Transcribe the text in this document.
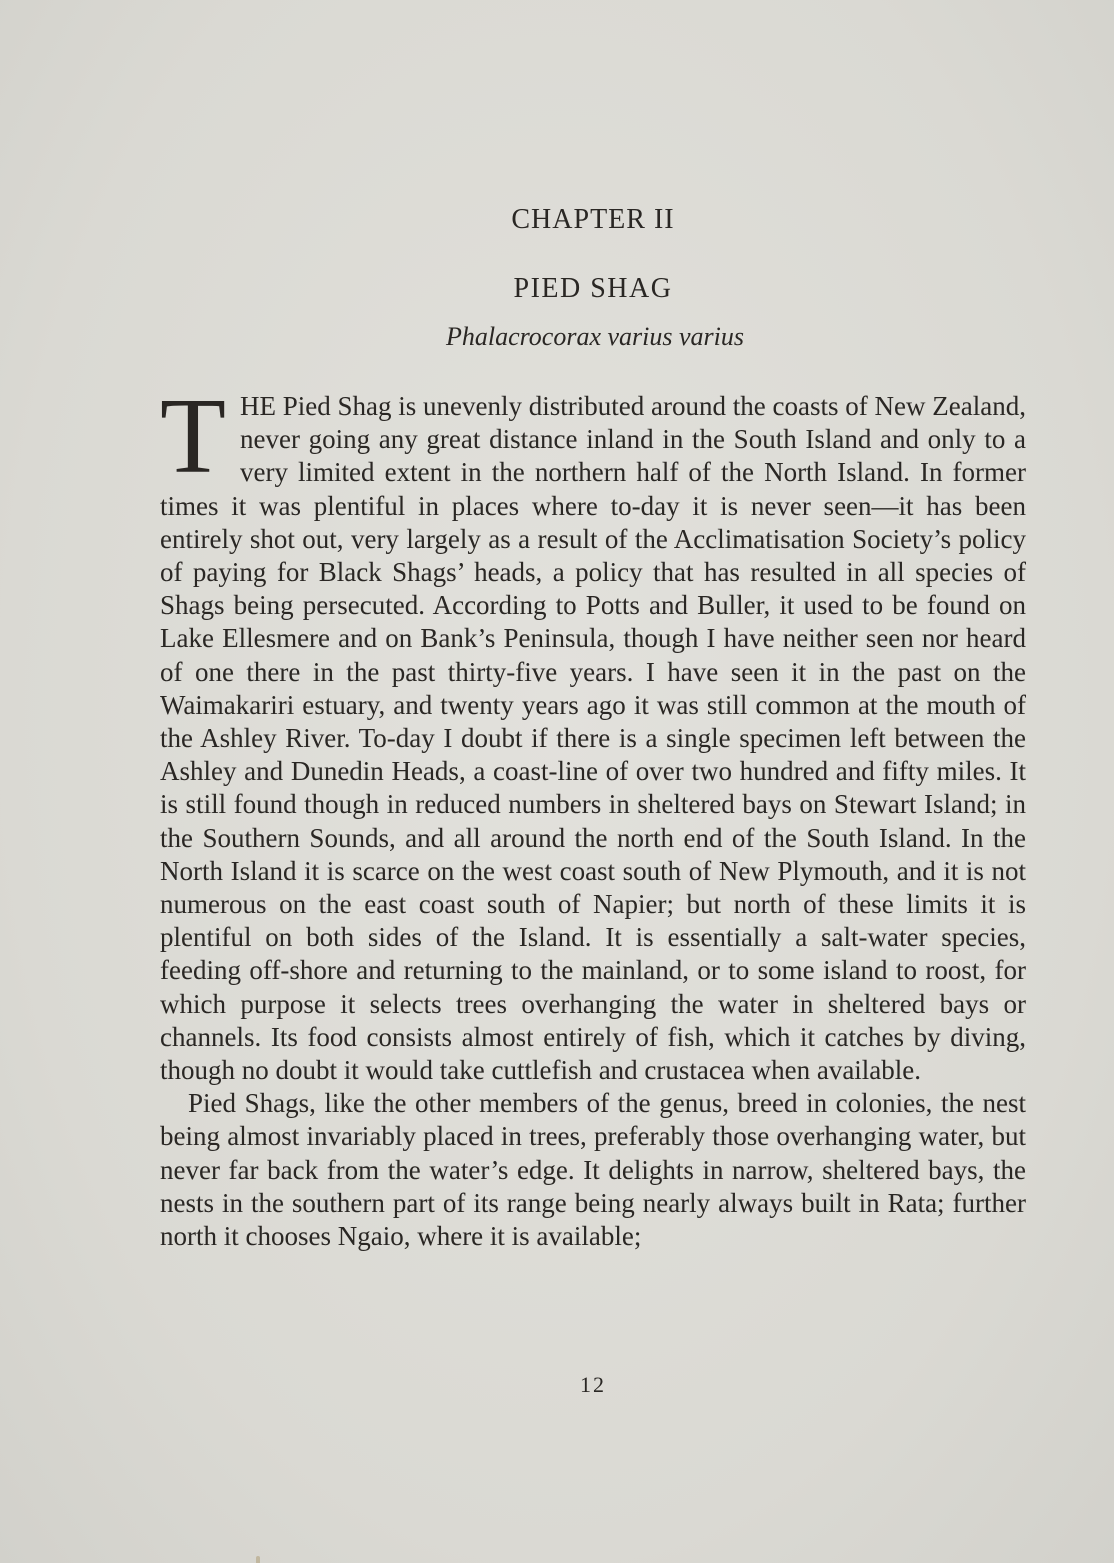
CHAPTER II
PIED SHAG
Phalacrocorax varius varius

THE Pied Shag is unevenly distributed around the coasts of New Zealand, never going any great distance inland in the South Island and only to a very limited extent in the northern half of the North Island. In former times it was plentiful in places where to-day it is never seen—it has been entirely shot out, very largely as a result of the Acclimatisation Society’s policy of paying for Black Shags’ heads, a policy that has resulted in all species of Shags being persecuted. According to Potts and Buller, it used to be found on Lake Ellesmere and on Bank’s Peninsula, though I have neither seen nor heard of one there in the past thirty-five years. I have seen it in the past on the Waimakariri estuary, and twenty years ago it was still common at the mouth of the Ashley River. To-day I doubt if there is a single specimen left between the Ashley and Dunedin Heads, a coast-line of over two hundred and fifty miles. It is still found though in reduced numbers in sheltered bays on Stewart Island; in the Southern Sounds, and all around the north end of the South Island. In the North Island it is scarce on the west coast south of New Plymouth, and it is not numerous on the east coast south of Napier; but north of these limits it is plentiful on both sides of the Island. It is essentially a salt-water species, feeding off-shore and returning to the mainland, or to some island to roost, for which purpose it selects trees overhanging the water in sheltered bays or channels. Its food consists almost entirely of fish, which it catches by diving, though no doubt it would take cuttlefish and crustacea when available.

Pied Shags, like the other members of the genus, breed in colonies, the nest being almost invariably placed in trees, preferably those overhanging water, but never far back from the water’s edge. It delights in narrow, sheltered bays, the nests in the southern part of its range being nearly always built in Rata; further north it chooses Ngaio, where it is available;

12
